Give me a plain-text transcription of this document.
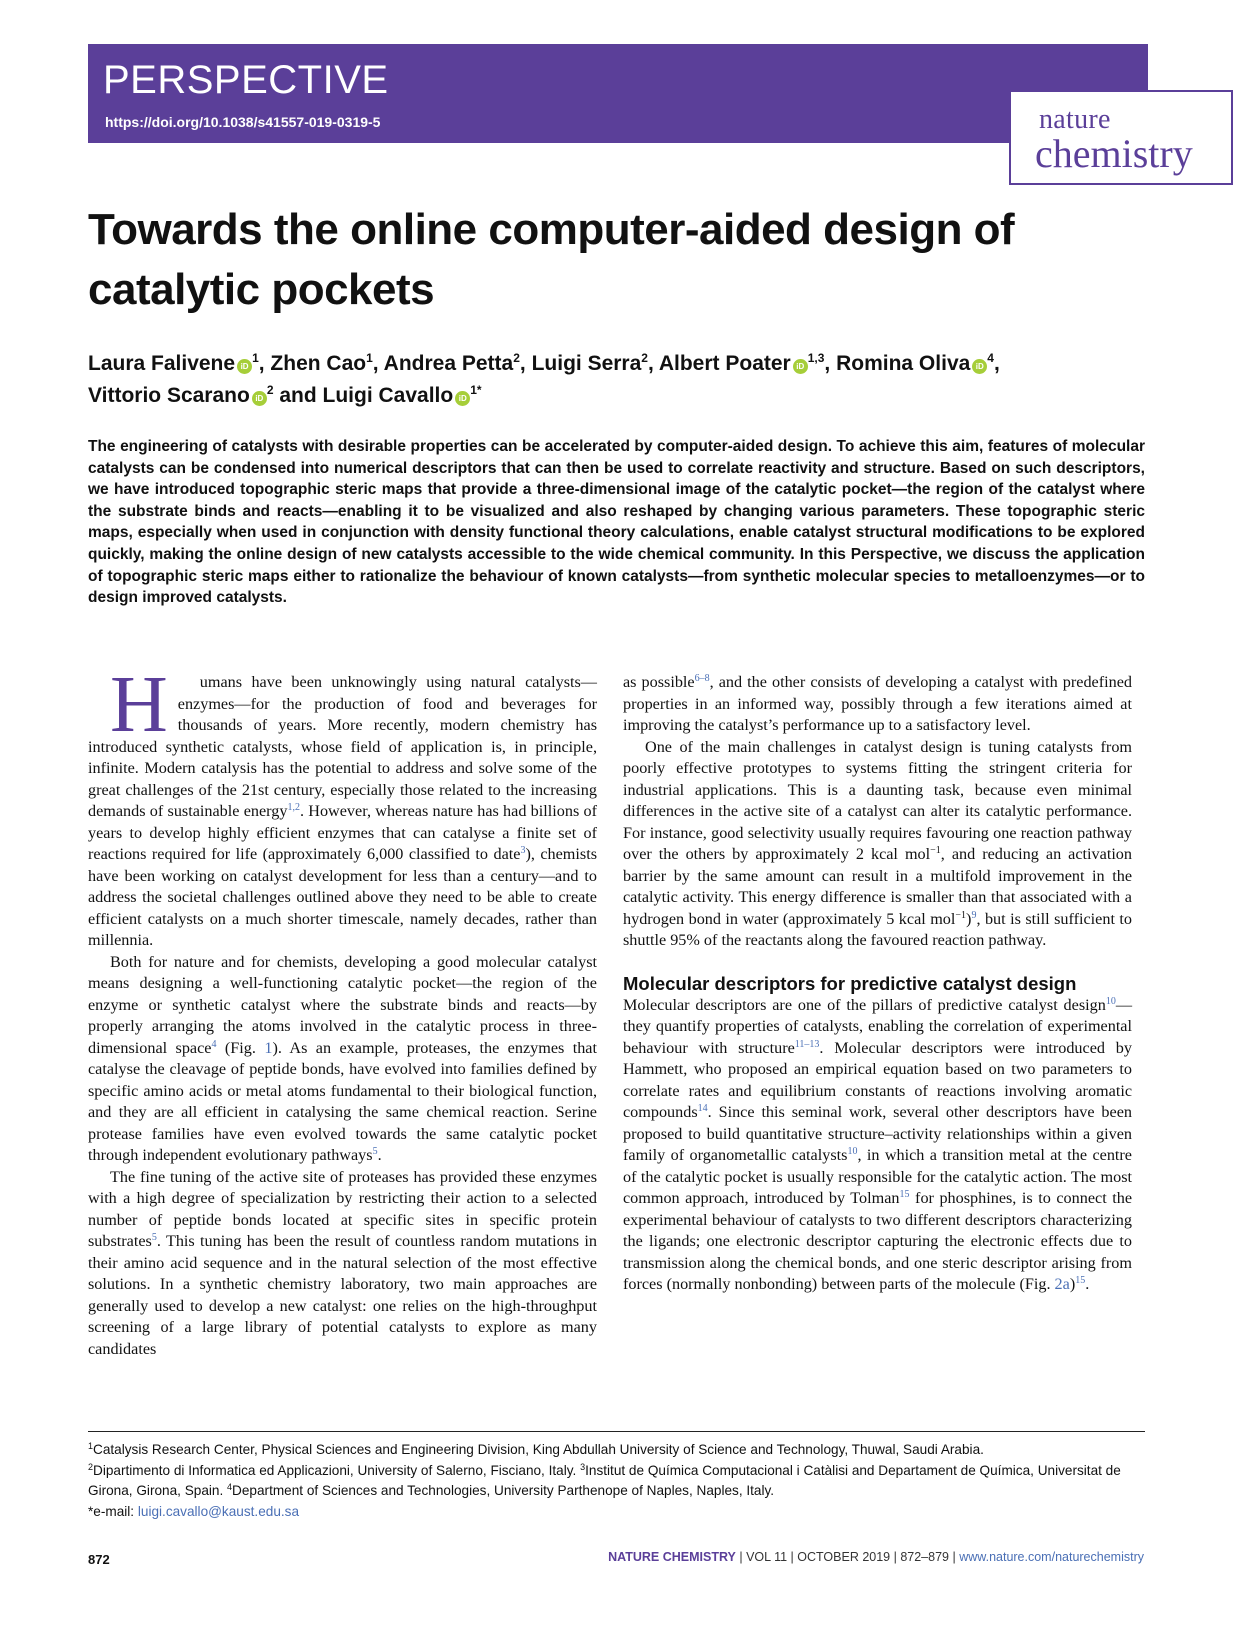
PERSPECTIVE
https://doi.org/10.1038/s41557-019-0319-5	nature
chemistry
Towards the online computer-aided design of catalytic pockets
Laura Falivene $iD^1$, Zhen Cao$^1$, Andrea Petta$^2$, Luigi Serra$^2$, Albert Poater iD$^{1,3}$, Romina Oliva $iD^4$,
Vittorio Scarano $iD^2$ and Luigi Cavallo $iD^{1*}$

The engineering of catalysts with desirable properties can be accelerated by computer-aided design. To achieve this aim, features of molecular catalysts can be condensed into numerical descriptors that can then be used to correlate reactivity and structure. Based on such descriptors, we have introduced topographic steric maps that provide a three-dimensional image of the catalytic pocket—the region of the catalyst where the substrate binds and reacts—enabling it to be visualized and also reshaped by changing various parameters. These topographic steric maps, especially when used in conjunction with density functional theory calculations, enable catalyst structural modifications to be explored quickly, making the online design of new catalysts accessible to the wide chemical community. In this Perspective, we discuss the application of topographic steric maps either to rationalize the behaviour of known catalysts—from synthetic molecular species to metalloenzymes—or to design improved catalysts.

H umans have been unknowingly using natural catalysts—enzymes—for the production of food and beverages for thousands of years. More recently, modern chemistry has introduced synthetic catalysts, whose field of application is, in principle, infinite. Modern catalysis has the potential to address and solve some of the great challenges of the 21st century, especially those related to the increasing demands of sustainable energy$^{1,2}$. However, whereas nature has had billions of years to develop highly efficient enzymes that can catalyse a finite set of reactions required for life (approximately 6,000 classified to date$^3$), chemists have been working on catalyst development for less than a century—and to address the societal challenges outlined above they need to be able to create efficient catalysts on a much shorter timescale, namely decades, rather than millennia.

Both for nature and for chemists, developing a good molecular catalyst means designing a well-functioning catalytic pocket—the region of the enzyme or synthetic catalyst where the substrate binds and reacts—by properly arranging the atoms involved in the catalytic process in three-dimensional space$^4$ (Fig. 1). As an example, proteases, the enzymes that catalyse the cleavage of peptide bonds, have evolved into families defined by specific amino acids or metal atoms fundamental to their biological function, and they are all efficient in catalysing the same chemical reaction. Serine protease families have even evolved towards the same catalytic pocket through independent evolutionary pathways$^5$.

The fine tuning of the active site of proteases has provided these enzymes with a high degree of specialization by restricting their action to a selected number of peptide bonds located at specific sites in specific protein substrates$^5$. This tuning has been the result of countless random mutations in their amino acid sequence and in the natural selection of the most effective solutions. In a synthetic chemistry laboratory, two main approaches are generally used to develop a new catalyst: one relies on the high-throughput screening of a large library of potential catalysts to explore as many candidates

as possible$^{6-8}$, and the other consists of developing a catalyst with predefined properties in an informed way, possibly through a few iterations aimed at improving the catalyst’s performance up to a satisfactory level.

One of the main challenges in catalyst design is tuning catalysts from poorly effective prototypes to systems fitting the stringent criteria for industrial applications. This is a daunting task, because even minimal differences in the active site of a catalyst can alter its catalytic performance. For instance, good selectivity usually requires favouring one reaction pathway over the others by approximately 2 kcal mol$^{-1}$, and reducing an activation barrier by the same amount can result in a multifold improvement in the catalytic activity. This energy difference is smaller than that associated with a hydrogen bond in water (approximately 5 kcal mol$^{-1}$)$^9$, but is still sufficient to shuttle 95% of the reactants along the favoured reaction pathway.

Molecular descriptors for predictive catalyst design

Molecular descriptors are one of the pillars of predictive catalyst design$^{10}$—they quantify properties of catalysts, enabling the correlation of experimental behaviour with structure$^{11-13}$. Molecular descriptors were introduced by Hammett, who proposed an empirical equation based on two parameters to correlate rates and equilibrium constants of reactions involving aromatic compounds$^{14}$. Since this seminal work, several other descriptors have been proposed to build quantitative structure–activity relationships within a given family of organometallic catalysts$^{10}$, in which a transition metal at the centre of the catalytic pocket is usually responsible for the catalytic action. The most common approach, introduced by Tolman$^{15}$ for phosphines, is to connect the experimental behaviour of catalysts to two different descriptors characterizing the ligands; one electronic descriptor capturing the electronic effects due to transmission along the chemical bonds, and one steric descriptor arising from forces (normally nonbonding) between parts of the molecule (Fig. 2a)$^{15}$.

$^1$Catalysis Research Center, Physical Sciences and Engineering Division, King Abdullah University of Science and Technology, Thuwal, Saudi Arabia.
$^2$Dipartimento di Informatica ed Applicazioni, University of Salerno, Fisciano, Italy. $^3$Institut de Química Computacional i Catàlisi and Departament de Química, Universitat de Girona, Girona, Spain. $^4$Department of Sciences and Technologies, University Parthenope of Naples, Naples, Italy.
*e-mail: luigi.cavallo@kaust.edu.sa
872	NATURE CHEMISTRY | VOL 11 | OCTOBER 2019 | 872–879 | www.nature.com/naturechemistry
